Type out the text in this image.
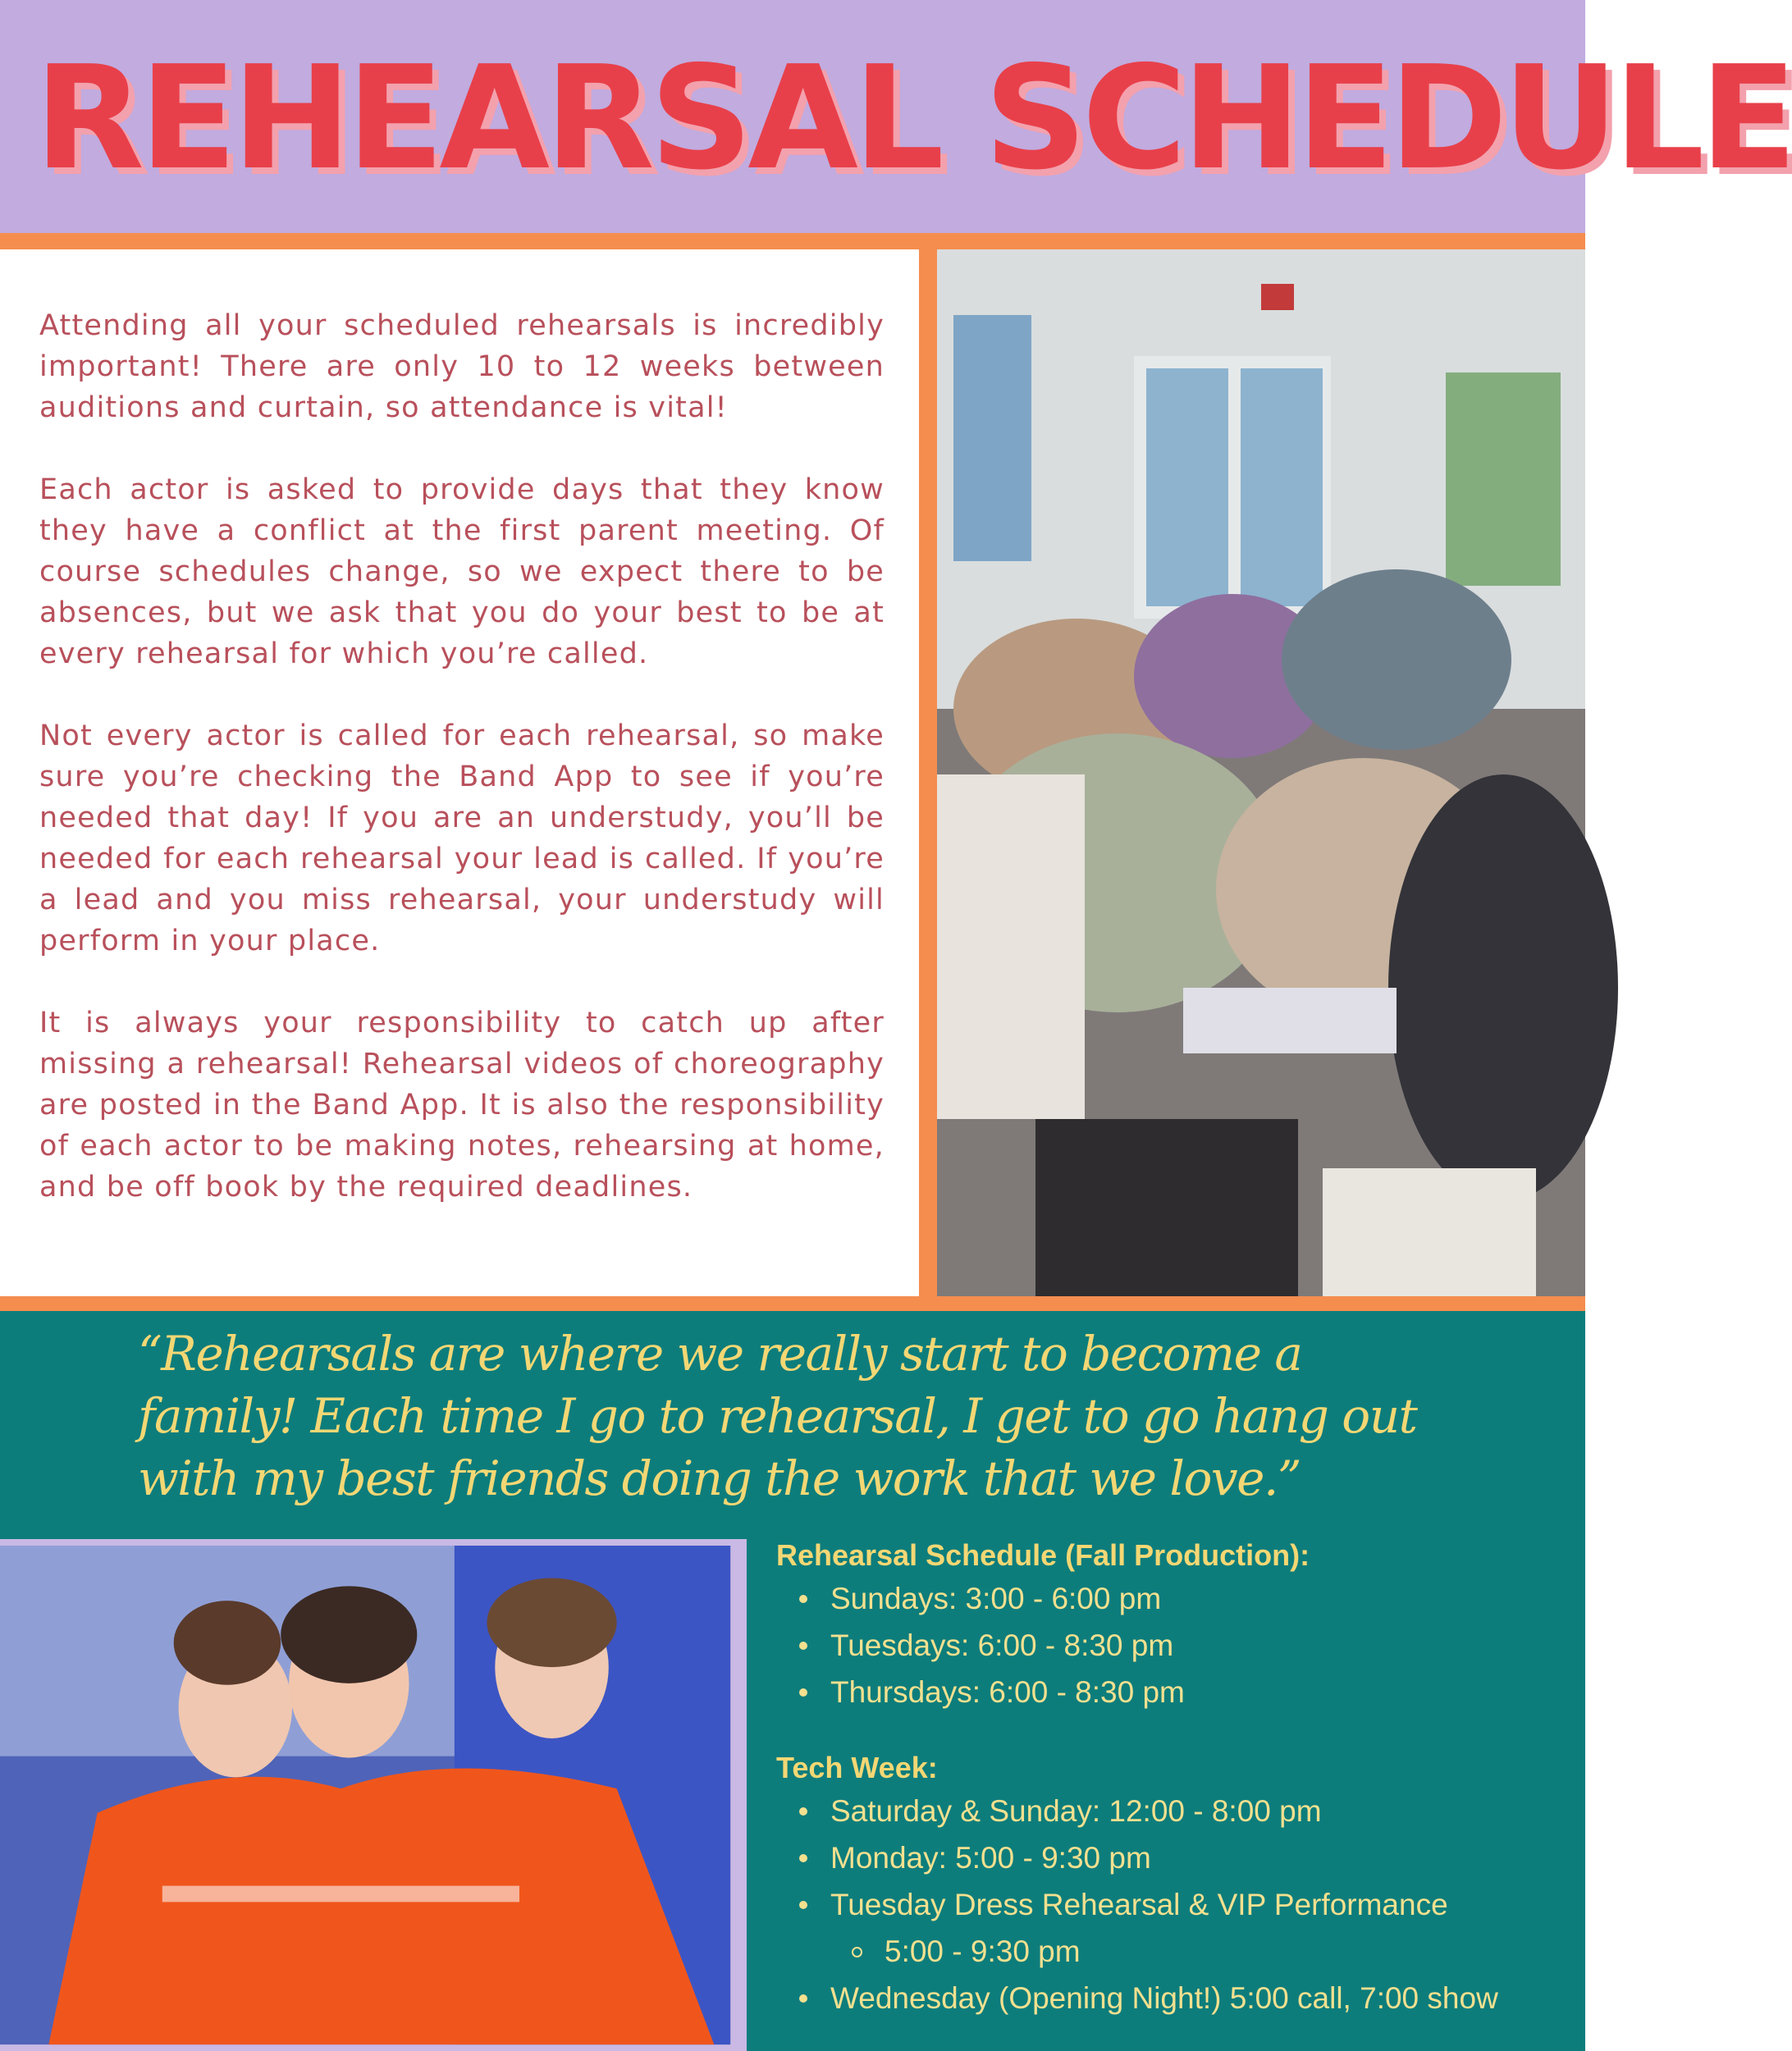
REHEARSAL SCHEDULE

Attending all your scheduled rehearsals is incredibly important! There are only 10 to 12 weeks between auditions and curtain, so attendance is vital!

Each actor is asked to provide days that they know they have a conflict at the first parent meeting. Of course schedules change, so we expect there to be absences, but we ask that you do your best to be at every rehearsal for which you’re called.

Not every actor is called for each rehearsal, so make sure you’re checking the Band App to see if you’re needed that day! If you are an understudy, you’ll be needed for each rehearsal your lead is called. If you’re a lead and you miss rehearsal, your understudy will perform in your place.

It is always your responsibility to catch up after missing a rehearsal! Rehearsal videos of choreography are posted in the Band App. It is also the responsibility of each actor to be making notes, rehearsing at home, and be off book by the required deadlines.

“Rehearsals are where we really start to become a family! Each time I go to rehearsal, I get to go hang out with my best friends doing the work that we love.”

Rehearsal Schedule (Fall Production):
Sundays: 3:00 - 6:00 pm
Tuesdays: 6:00 - 8:30 pm
Thursdays: 6:00 - 8:30 pm
Tech Week:
Saturday & Sunday: 12:00 - 8:00 pm
Monday: 5:00 - 9:30 pm
Tuesday Dress Rehearsal & VIP Performance
5:00 - 9:30 pm
Wednesday (Opening Night!) 5:00 call, 7:00 show
